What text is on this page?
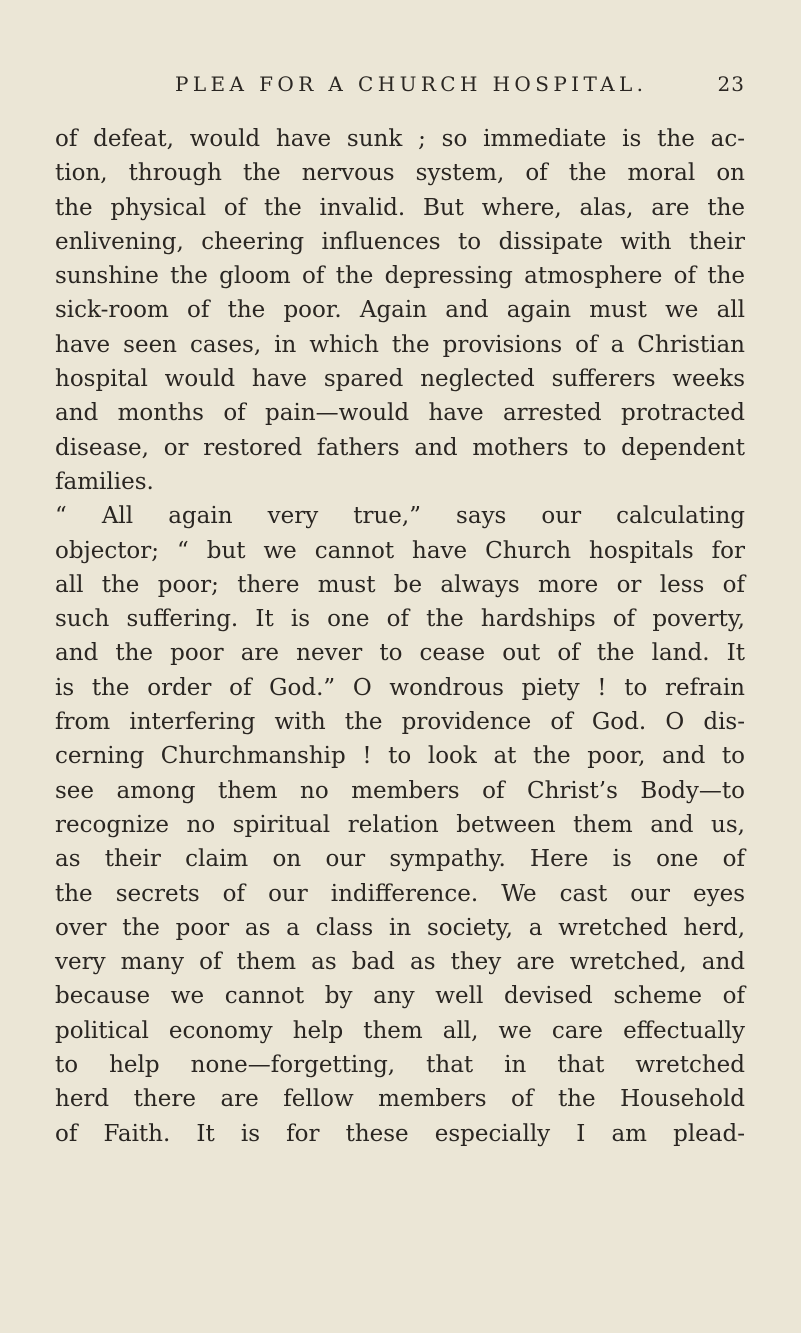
PLEA FOR A CHURCH HOSPITAL.	23
of defeat, would have sunk ; so immediate is the ac-
tion, through the nervous system, of the moral on
the physical of the invalid. But where, alas, are the
enlivening, cheering influences to dissipate with their
sunshine the gloom of the depressing atmosphere of the
sick-room of the poor. Again and again must we all
have seen cases, in which the provisions of a Christian
hospital would have spared neglected sufferers weeks
and months of pain—would have arrested protracted
disease, or restored fathers and mothers to dependent
families.
“ All again very true,” says our calculating
objector; “ but we cannot have Church hospitals for
all the poor; there must be always more or less of
such suffering. It is one of the hardships of poverty,
and the poor are never to cease out of the land. It
is the order of God.” O wondrous piety ! to refrain
from interfering with the providence of God. O dis-
cerning Churchmanship ! to look at the poor, and to
see among them no members of Christ’s Body—to
recognize no spiritual relation between them and us,
as their claim on our sympathy. Here is one of
the secrets of our indifference. We cast our eyes
over the poor as a class in society, a wretched herd,
very many of them as bad as they are wretched, and
because we cannot by any well devised scheme of
political economy help them all, we care effectually
to help none—forgetting, that in that wretched
herd there are fellow members of the Household
of Faith. It is for these especially I am plead-
